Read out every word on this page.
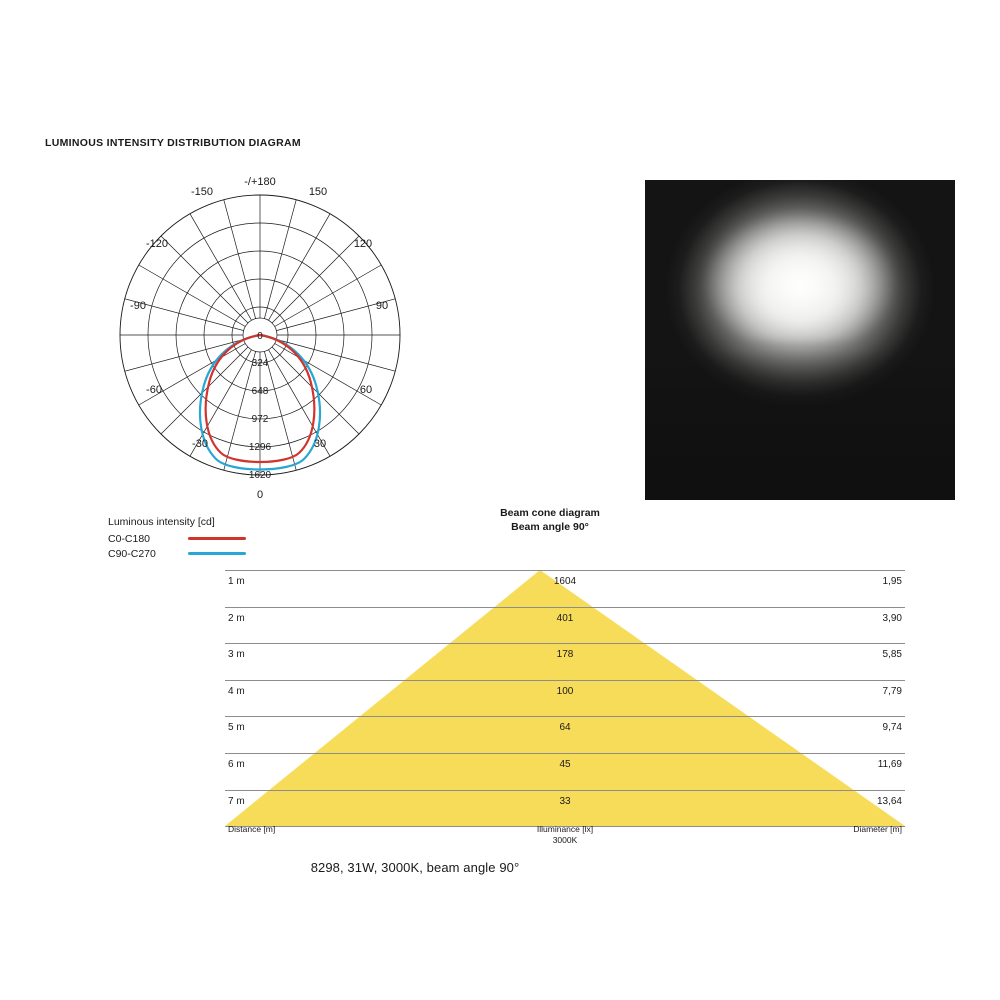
LUMINOUS INTENSITY DISTRIBUTION DIAGRAM
324
648
972
1296
1620
0
-/+180
-150	150
-120	120
-90	90
-60	60
-30	30
0
Luminous intensity [cd]
C0-C180
C90-C270
Beam cone diagram
Beam angle 90°
1 m	1604	1,95
2 m	401	3,90
3 m	178	5,85
4 m	100	7,79
5 m	64	9,74
6 m	45	11,69
7 m	33	13,64
Distance [m]	Illuminance [lx]
3000K
Diameter [m]
8298, 31W, 3000K, beam angle 90°
